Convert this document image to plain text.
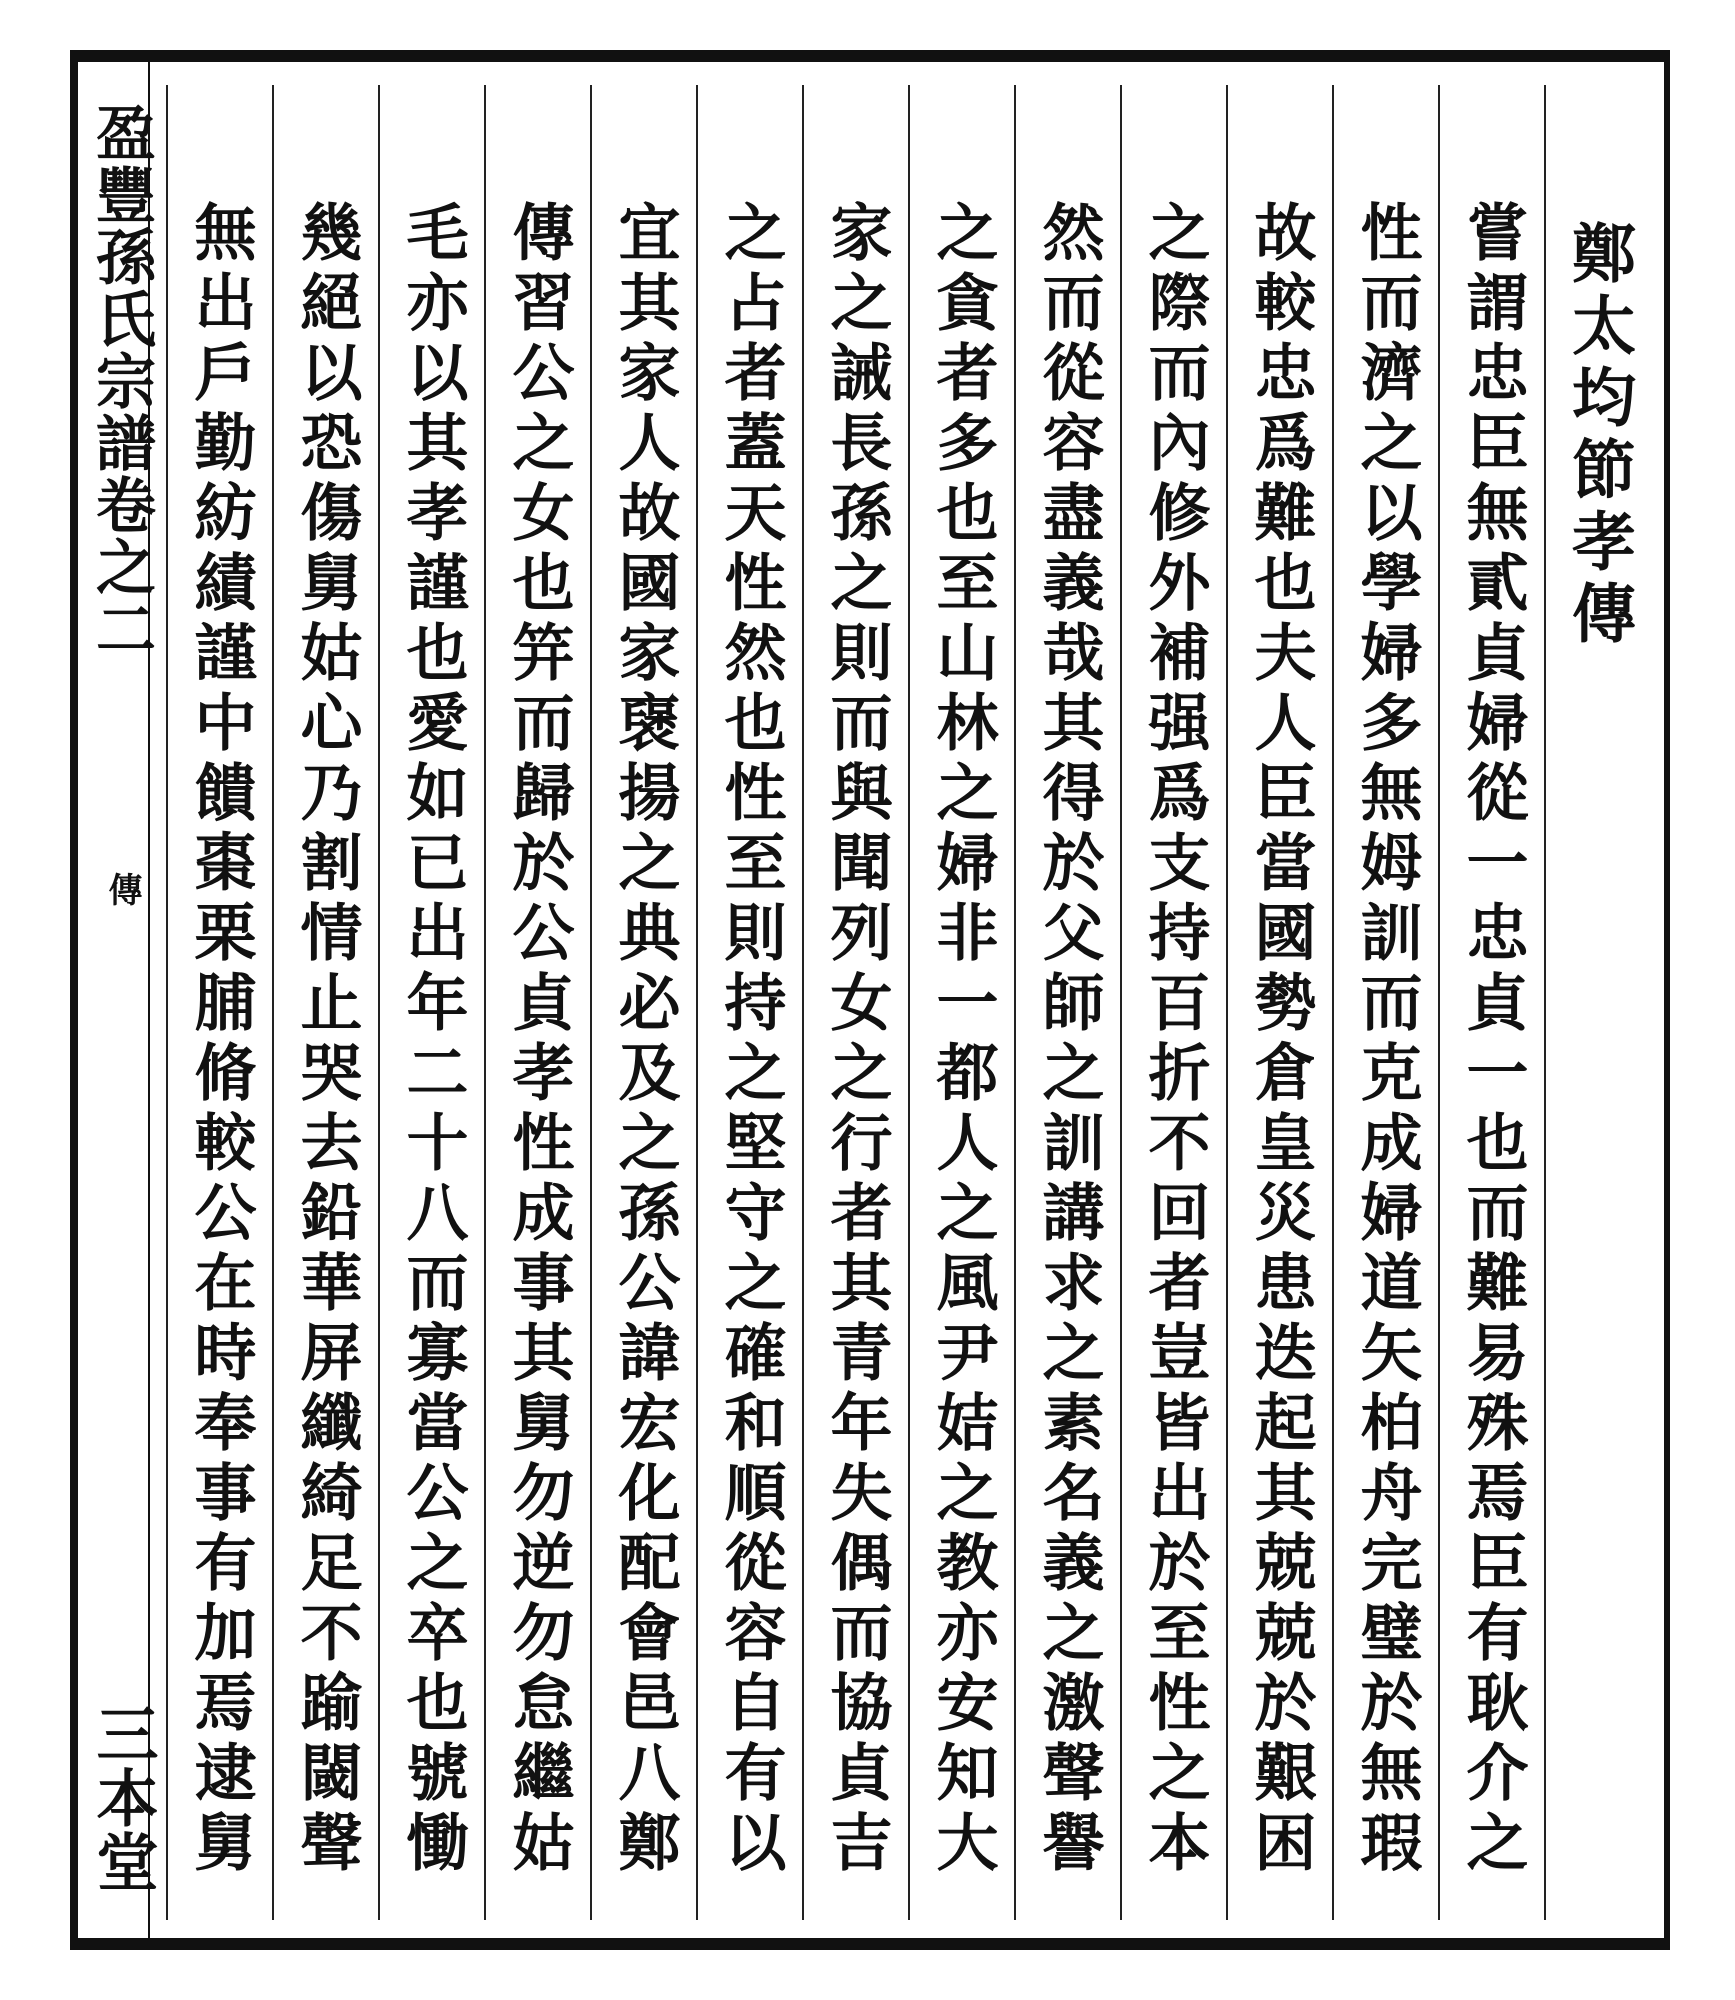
盈豐孫氏宗譜卷之二
傳
三本堂
鄭太均節孝傳
嘗謂忠臣無貳貞婦從一忠貞一也而難易殊焉臣有耿介之
性而濟之以學婦多無姆訓而克成婦道矢柏舟完璧於無瑕
故較忠爲難也夫人臣當國勢倉皇災患迭起其兢兢於艱困
之際而內修外補强爲支持百折不回者豈皆出於至性之本
然而從容盡義哉其得於父師之訓講求之素名義之激聲譽
之貪者多也至山林之婦非一都人之風尹姞之教亦安知大
家之誡長孫之則而與聞列女之行者其青年失偶而協貞吉
之占者蓋天性然也性至則持之堅守之確和順從容自有以
宜其家人故國家襃揚之典必及之孫公諱宏化配會邑八鄭
傳習公之女也笄而歸於公貞孝性成事其舅勿逆勿怠繼姑
毛亦以其孝謹也愛如已出年二十八而寡當公之卒也號慟
幾絕以恐傷舅姑心乃割情止哭去鉛華屏纖綺足不踰閾聲
無出戶勤紡績謹中饋棗栗脯脩較公在時奉事有加焉逮舅
